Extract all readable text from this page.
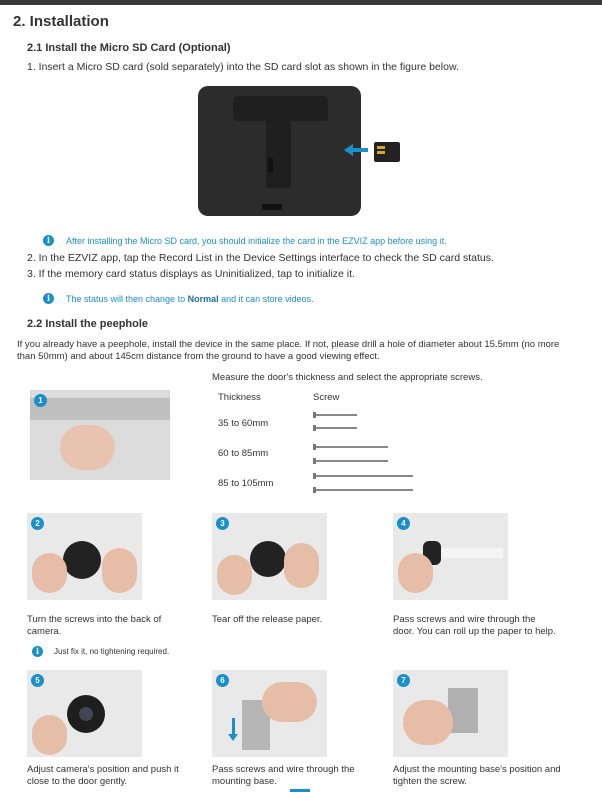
2. Installation
2.1 Install the Micro SD Card (Optional)
1. Insert a Micro SD card (sold separately) into the SD card slot as shown in the figure below.
i	After installing the Micro SD card, you should initialize the card in the EZVIZ app before using it.
2. In the EZVIZ app, tap the Record List in the Device Settings interface to check the SD card status.
3. If the memory card status displays as Uninitialized, tap to initialize it.
i	The status will then change to Normal and it can store videos.
2.2 Install the peephole
If you already have a peephole, install the device in the same place. If not, please drill a hole of diameter about 15.5mm (no more than 50mm) and about 145cm distance from the ground to have a good viewing effect.
Measure the door's thickness and select the appropriate screws.
1	Thickness	Screw
35 to 60mm
60 to 85mm
85 to 105mm
2	3	4
Turn the screws into the back of camera.
Tear off the release paper.	Pass screws and wire through the door. You can roll up the paper to help.
i	Just fix it, no tightening required.
5	6	7
Adjust camera's position and push it close to the door gently.
Pass screws and wire through the mounting base.
Adjust the mounting base's position and tighten the screw.
